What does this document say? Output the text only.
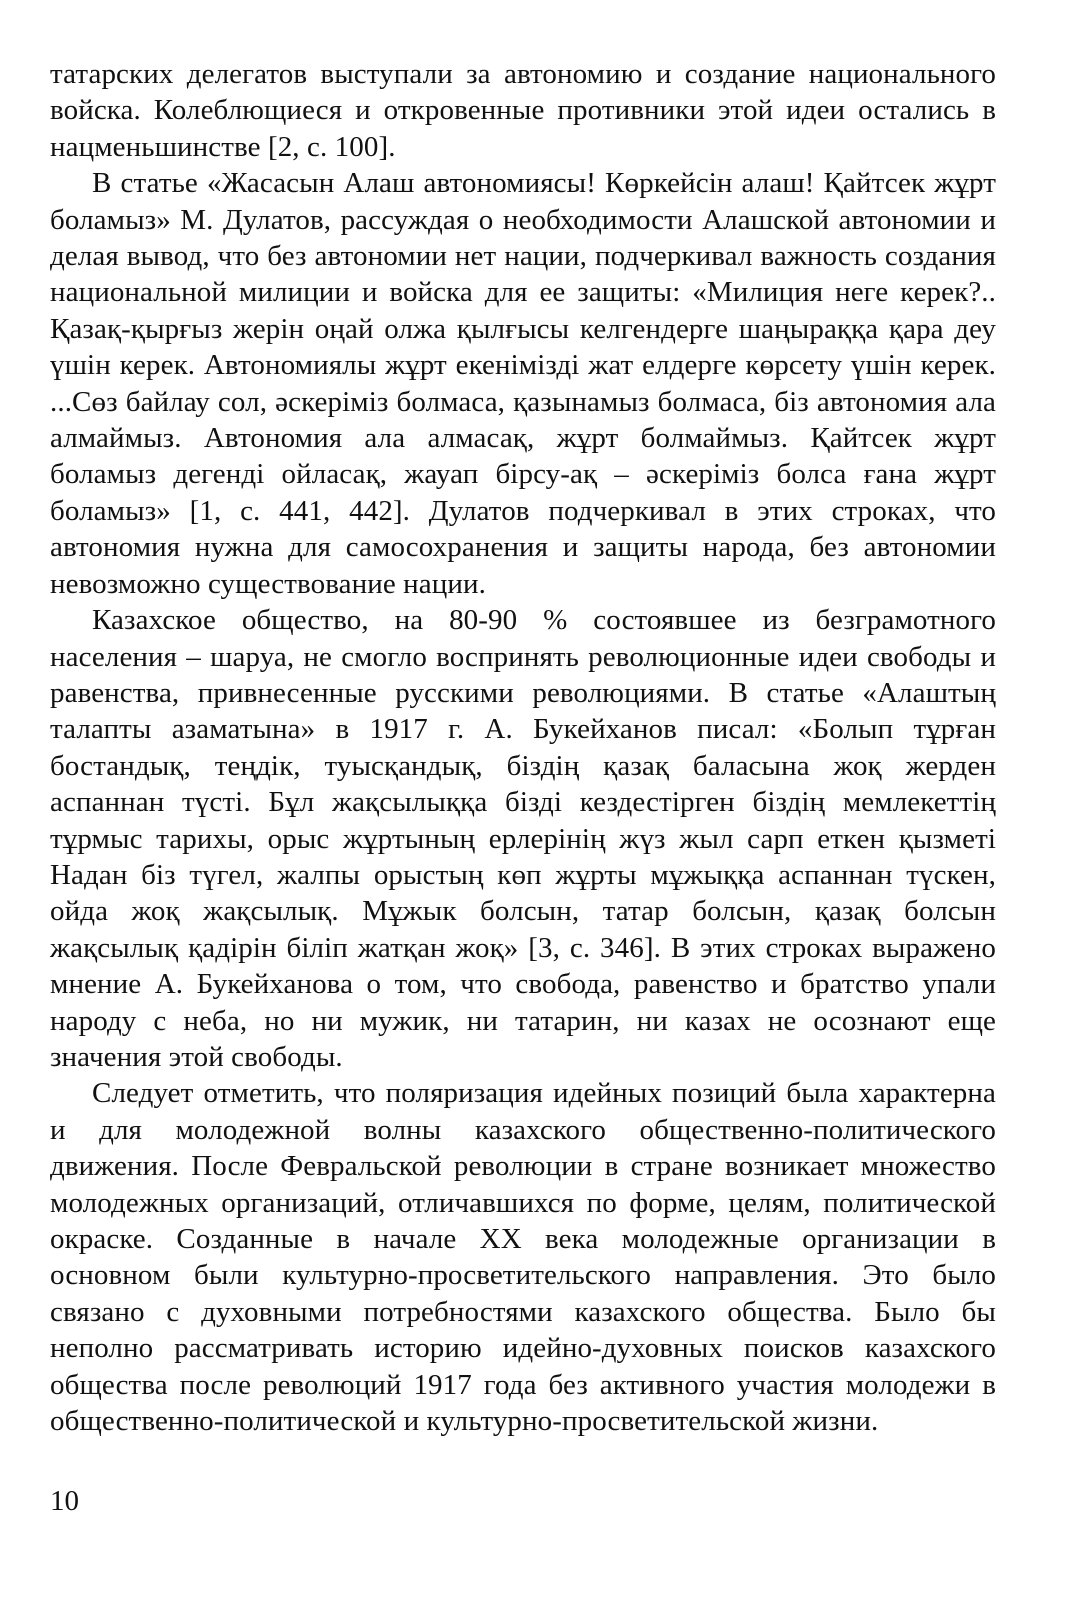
татарских делегатов выступали за автономию и создание национального войска. Колеблющиеся и откровенные противники этой идеи остались в нацменьшинстве [2, с. 100].

В статье «Жасасын Алаш автономиясы! Көркейсін алаш! Қайтсек жұрт боламыз» М. Дулатов, рассуждая о необходимости Алашской автономии и делая вывод, что без автономии нет нации, подчеркивал важность создания национальной милиции и войска для ее защиты: «Милиция неге керек?.. Қазақ-қырғыз жерін оңай олжа қылғысы келгендерге шаңыраққа қара деу үшін керек. Автономиялы жұрт екенімізді жат елдерге көрсету үшін керек. ...Сөз байлау сол, әскеріміз болмаса, қазынамыз болмаса, біз автономия ала алмаймыз. Автономия ала алмасақ, жұрт болмаймыз. Қайтсек жұрт боламыз дегенді ойласақ, жауап бірсу-ақ – әскеріміз болса ғана жұрт боламыз» [1, с. 441, 442]. Дулатов подчеркивал в этих строках, что автономия нужна для самосохранения и защиты народа, без автономии невозможно существование нации.

Казахское общество, на 80-90 % состоявшее из безграмотного населения – шаруа, не смогло воспринять революционные идеи свободы и равенства, привнесенные русскими революциями. В статье «Алаштың талапты азаматына» в 1917 г. А. Букейханов писал: «Болып тұрған бостандық, теңдік, туысқандық, біздің қазақ баласына жоқ жерден аспаннан түсті. Бұл жақсылыққа бізді кездестірген біздің мемлекеттің тұрмыс тарихы, орыс жұртының ерлерінің жүз жыл сарп еткен қызметі Надан біз түгел, жалпы орыстың көп жұрты мұжыққа аспаннан түскен, ойда жоқ жақсылық. Мұжык болсын, татар болсын, қазақ болсын жақсылық қадірін біліп жатқан жоқ» [3, с. 346]. В этих строках выражено мнение А. Букейханова о том, что свобода, равенство и братство упали народу с неба, но ни мужик, ни татарин, ни казах не осознают еще значения этой свободы.

Следует отметить, что поляризация идейных позиций была характерна и для молодежной волны казахского общественно-политического движения. После Февральской революции в стране возникает множество молодежных организаций, отличавшихся по форме, целям, политической окраске. Созданные в начале XX века молодежные организации в основном были культурно-просветительского направления. Это было связано с духовными потребностями казахского общества. Было бы неполно рассматривать историю идейно-духовных поисков казахского общества после революций 1917 года без активного участия молодежи в общественно-политической и культурно-просветительской жизни.

10
